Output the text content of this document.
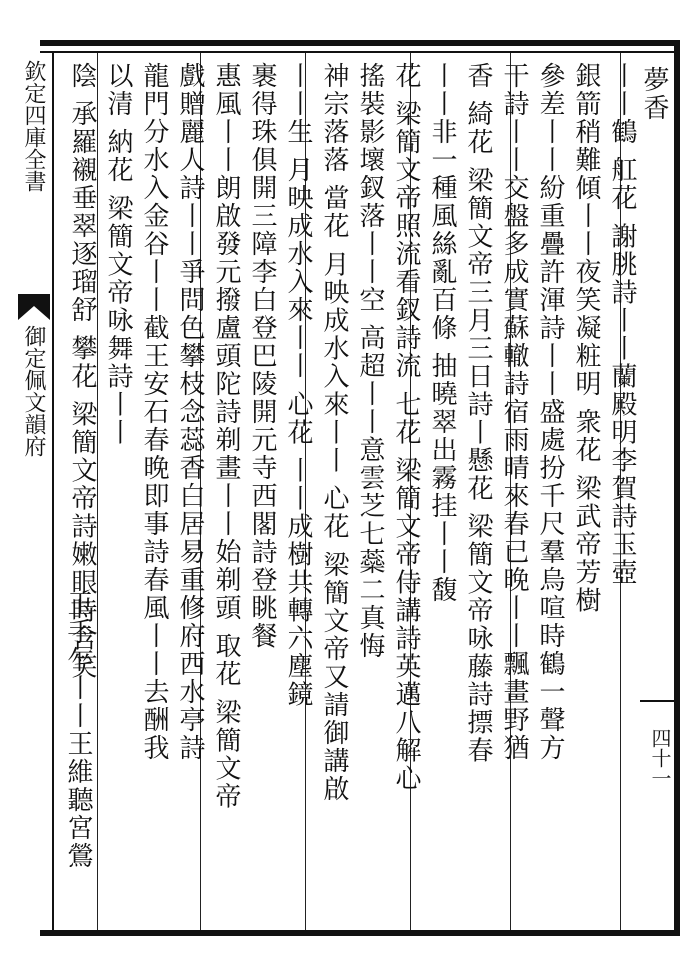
欽定四庫全書
御定佩文韻府
四十一
夢香
丨丨鶴 舡花 謝朓詩丨丨蘭殿明李賀詩玉壺
銀箭稍難傾丨丨夜笑凝粧明 衆花 梁武帝芳樹
參差丨丨紛重疊許渾詩丨丨盛處扮千尺羣烏喧時鶴一聲方
干詩丨丨交盤多成實蘇轍詩宿雨晴來春已晚丨丨飄畫野猶
香 綺花 梁簡文帝三月三日詩丨懸花 梁簡文帝咏藤詩摽春
丨丨非一種風絲亂百條 抽曉翠出霧挂丨丨馥
花 梁簡文帝照流看釵詩流 七花 梁簡文帝侍講詩英邁八解心
搖裝影壞釵落丨丨空 高超丨丨意雲芝七蘂二真悔
神宗落落 當花 月映成水入來丨丨 心花 梁簡文帝又請御講啟
丨丨生 月映成水入來丨丨 心花 丨丨成樹共轉六塵鏡
裹得珠俱開三障李白登巴陵開元寺西閣詩登眺餐
惠風丨丨朗啟發元撥盧頭陀詩剃畫丨丨始剃頭 取花 梁簡文帝
戲贈麗人詩丨丨爭問色攀枝念蕊香白居易重修府西水亭詩
龍門分水入金谷丨丨截王安石春晚即事詩春風丨丨去酬我
以清 納花 梁簡文帝咏舞詩丨丨
陰 承羅襯垂翠逐瑠舒 攀花 梁簡文帝詩嫩眼時含笑
玉手乍丨丨王維聽宮鶯
